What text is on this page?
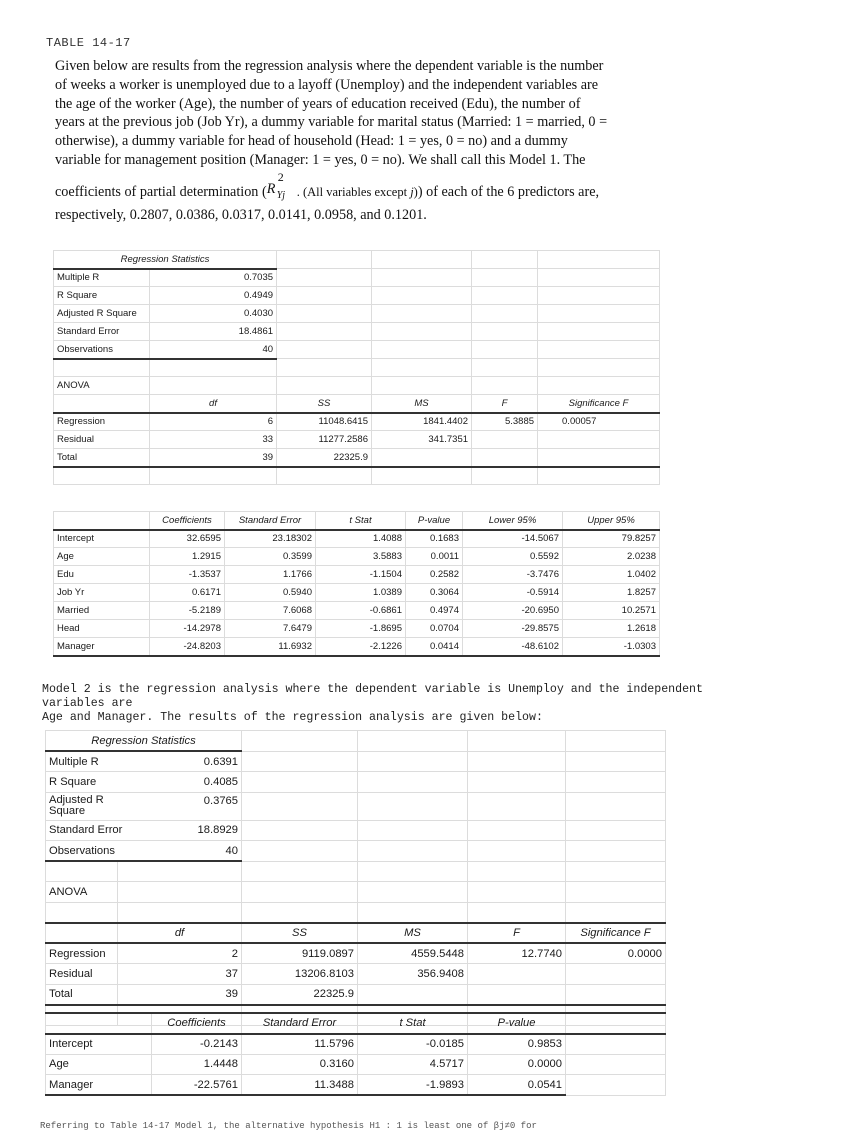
TABLE 14-17
Given below are results from the regression analysis where the dependent variable is the number
of weeks a worker is unemployed due to a layoff (Unemploy) and the independent variables are
the age of the worker (Age), the number of years of education received (Edu), the number of
years at the previous job (Job Yr), a dummy variable for marital status (Married: 1 = married, 0 =
otherwise), a dummy variable for head of household (Head: 1 = yes, 0 = no) and a dummy
variable for management position (Manager: 1 = yes, 0 = no). We shall call this Model 1. The
coefficients of partial determination ( R
2
Yj . (All variables except j)) of each of the 6 predictors are,
respectively, 0.2807, 0.0386, 0.0317, 0.0141, 0.0958, and 0.1201.
Regression Statistics					
Multiple R	0.7035				
R Square	0.4949				
Adjusted R Square	0.4030				
Standard Error	18.4861				
Observations	40				

ANOVA					
	df	SS	MS	F	Significance F
Regression	6	11048.6415	1841.4402	5.3885	0.00057
Residual	33	11277.2586	341.7351		
Total	39	22325.9			

	Coefficients	Standard Error	t Stat	P-value	Lower 95%	Upper 95%
Intercept	32.6595	23.18302	1.4088	0.1683	-14.5067	79.8257
Age	1.2915	0.3599	3.5883	0.0011	0.5592	2.0238
Edu	-1.3537	1.1766	-1.1504	0.2582	-3.7476	1.0402
Job Yr	0.6171	0.5940	1.0389	0.3064	-0.5914	1.8257
Married	-5.2189	7.6068	-0.6861	0.4974	-20.6950	10.2571
Head	-14.2978	7.6479	-1.8695	0.0704	-29.8575	1.2618
Manager	-24.8203	11.6932	-2.1226	0.0414	-48.6102	-1.0303
Model 2 is the regression analysis where the dependent variable is Unemploy and the independent
variables are
Age and Manager. The results of the regression analysis are given below:
Regression Statistics					
Multiple R 0.6391					

R Square 0.4085					

Adjusted R Square
0.3765					

Standard Error 18.8929					

Observations 40					

ANOVA					

	df	SS	MS	F	Significance F
Regression	2	9119.0897	4559.5448	12.7740	0.0000
Residual	37	13206.8103	356.9408		
Total	39	22325.9			

	Coefficients	Standard Error	t Stat	P-value	
Intercept	-0.2143	11.5796	-0.0185	0.9853	
Age	1.4448	0.3160	4.5717	0.0000	
Manager	-22.5761	11.3488	-1.9893	0.0541	
Referring to Table 14-17 Model 1, the alternative hypothesis H1 : 1 is least one of βj≠0 for
